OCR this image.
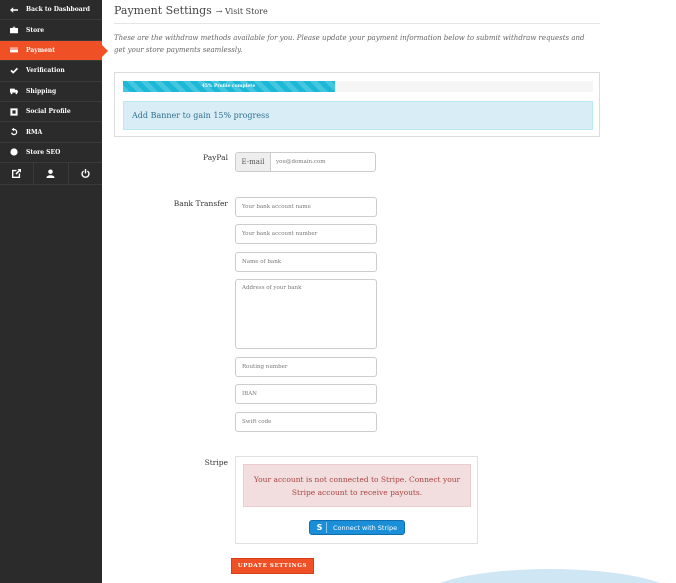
Back to Dashboard
Store
Payment
Verification
Shipping
Social Profile
RMA
Store SEO
Payment Settings → Visit Store

These are the withdraw methods available for you. Please update your payment information below to submit withdraw requests and get your store payments seamlessly.

45% Profile complete
Add Banner to gain 15% progress
PayPal	E-mail
you@domain.com
Bank Transfer
Your bank account name
Your bank account number
Name of bank
Address of your bank
Routing number
IBAN
Swift code
Stripe
Your account is not connected to Stripe. Connect your Stripe account to receive payouts.
S	Connect with Stripe
UPDATE SETTINGS
